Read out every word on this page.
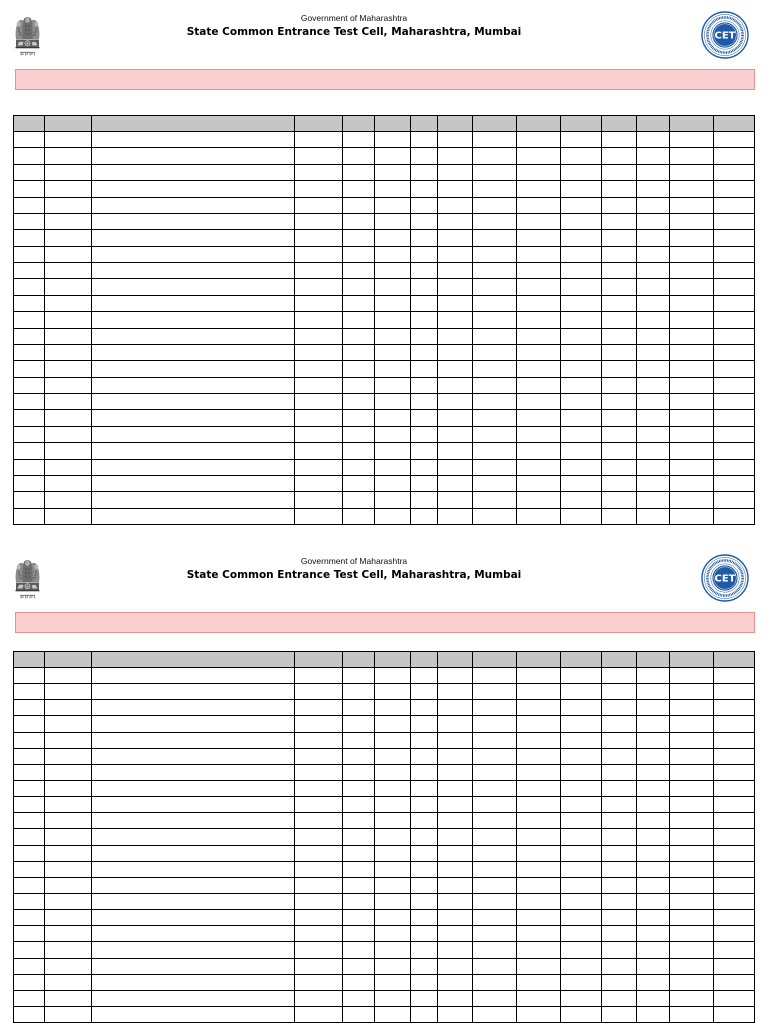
Government of Maharashtra
State Common Entrance Test Cell, Maharashtra, Mumbai	CET
Government of Maharashtra
State Common Entrance Test Cell, Maharashtra, Mumbai	CET
